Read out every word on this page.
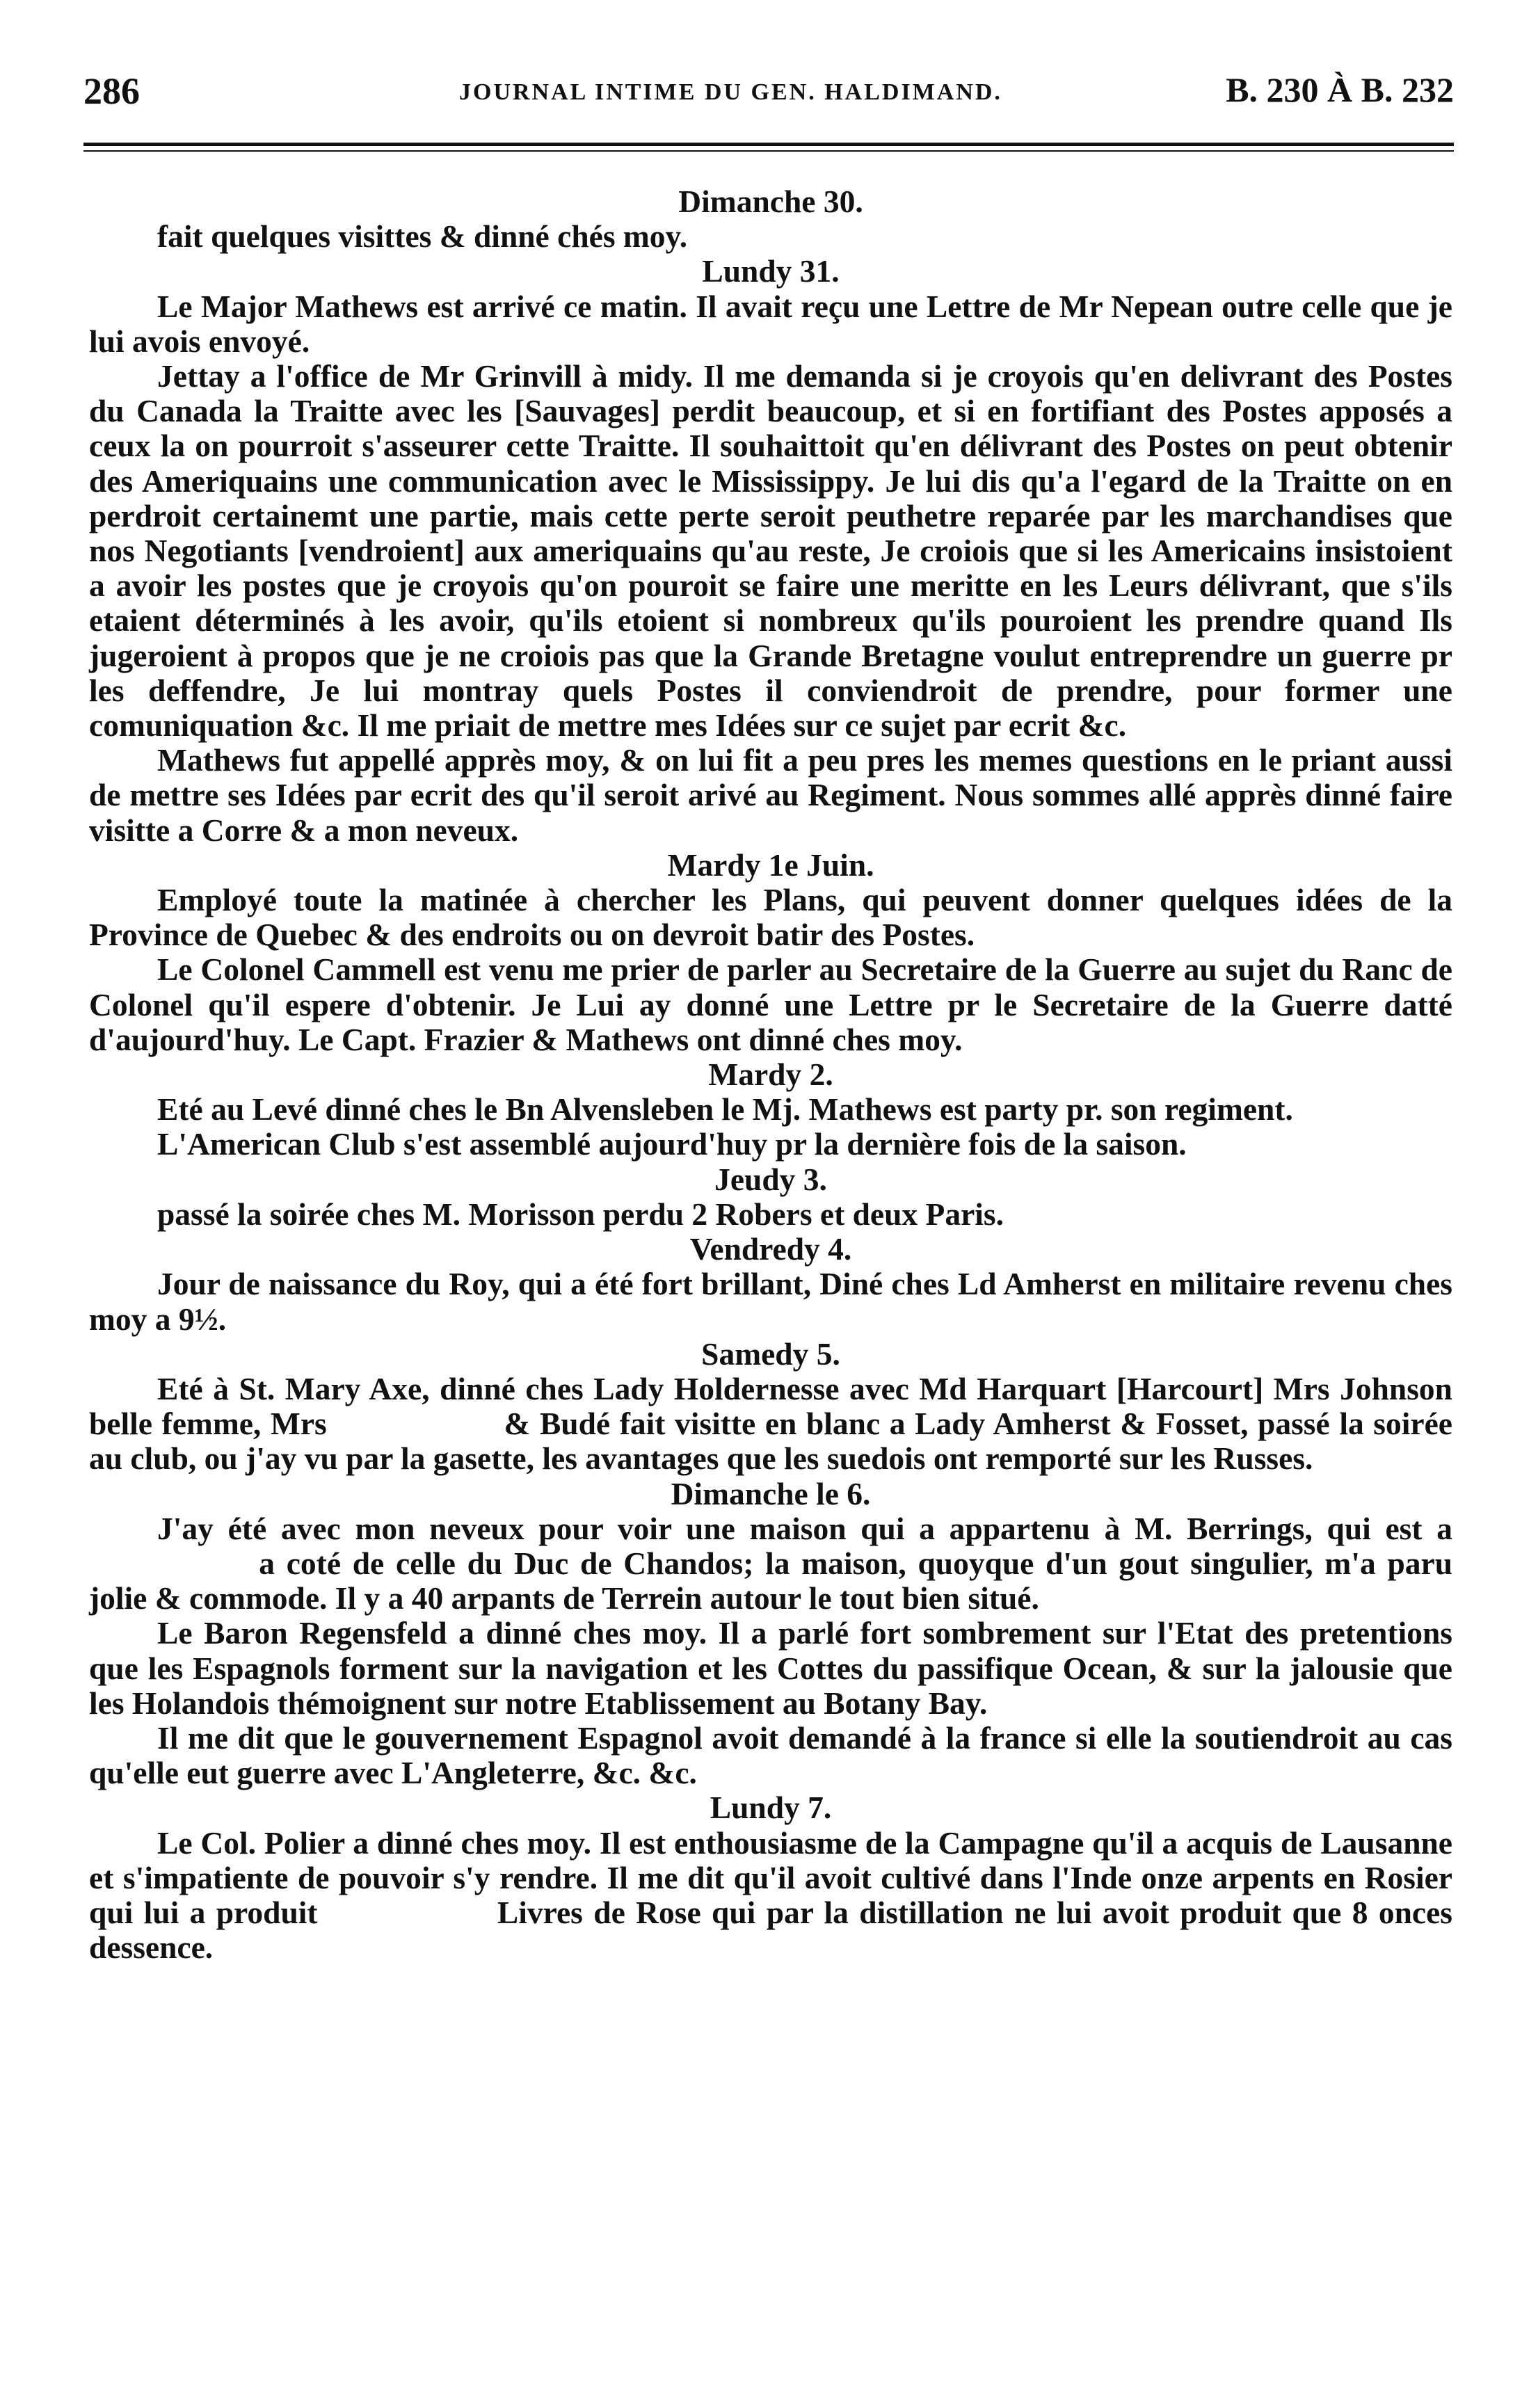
286	JOURNAL INTIME DU GEN. HALDIMAND.	B. 230 À B. 232

Dimanche 30.

fait quelques visittes & dinné chés moy.

Lundy 31.

Le Major Mathews est arrivé ce matin. Il avait reçu une Lettre de Mr Nepean outre celle que je lui avois envoyé.

Jettay a l'office de Mr Grinvill à midy. Il me demanda si je croyois qu'en delivrant des Postes du Canada la Traitte avec les [Sauvages] perdit beaucoup, et si en fortifiant des Postes apposés a ceux la on pourroit s'asseurer cette Traitte. Il souhaittoit qu'en délivrant des Postes on peut obtenir des Ameriquains une communication avec le Mississippy. Je lui dis qu'a l'egard de la Traitte on en perdroit certainemt une partie, mais cette perte seroit peuthetre reparée par les marchandises que nos Negotiants [vendroient] aux ameriquains qu'au reste, Je croiois que si les Americains insistoient a avoir les postes que je croyois qu'on pouroit se faire une meritte en les Leurs délivrant, que s'ils etaient déterminés à les avoir, qu'ils etoient si nombreux qu'ils pouroient les prendre quand Ils jugeroient à propos que je ne croiois pas que la Grande Bretagne voulut entreprendre un guerre pr les deffendre, Je lui montray quels Postes il conviendroit de prendre, pour former une comuniquation &c. Il me priait de mettre mes Idées sur ce sujet par ecrit &c.

Mathews fut appellé apprès moy, & on lui fit a peu pres les memes questions en le priant aussi de mettre ses Idées par ecrit des qu'il seroit arivé au Regiment. Nous sommes allé apprès dinné faire visitte a Corre & a mon neveux.

Mardy 1e Juin.

Employé toute la matinée à chercher les Plans, qui peuvent donner quelques idées de la Province de Quebec & des endroits ou on devroit batir des Postes.

Le Colonel Cammell est venu me prier de parler au Secretaire de la Guerre au sujet du Ranc de Colonel qu'il espere d'obtenir. Je Lui ay donné une Lettre pr le Secretaire de la Guerre datté d'aujourd'huy. Le Capt. Frazier & Mathews ont dinné ches moy.

Mardy 2.

Eté au Levé dinné ches le Bn Alvensleben le Mj. Mathews est party pr. son regiment.

L'American Club s'est assemblé aujourd'huy pr la dernière fois de la saison.

Jeudy 3.

passé la soirée ches M. Morisson perdu 2 Robers et deux Paris.

Vendredy 4.

Jour de naissance du Roy, qui a été fort brillant, Diné ches Ld Amherst en militaire revenu ches moy a 9½.

Samedy 5.

Eté à St. Mary Axe, dinné ches Lady Holdernesse avec Md Harquart [Harcourt] Mrs Johnson belle femme, Mrs       & Budé fait visitte en blanc a Lady Amherst & Fosset, passé la soirée au club, ou j'ay vu par la gasette, les avantages que les suedois ont remporté sur les Russes.

Dimanche le 6.

J'ay été avec mon neveux pour voir une maison qui a appartenu à M. Berrings, qui est a       a coté de celle du Duc de Chandos; la maison, quoyque d'un gout singulier, m'a paru jolie & commode. Il y a 40 arpants de Terrein autour le tout bien situé.

Le Baron Regensfeld a dinné ches moy. Il a parlé fort sombrement sur l'Etat des pretentions que les Espagnols forment sur la navigation et les Cottes du passifique Ocean, & sur la jalousie que les Holandois thémoignent sur notre Etablissement au Botany Bay.

Il me dit que le gouvernement Espagnol avoit demandé à la france si elle la soutiendroit au cas qu'elle eut guerre avec L'Angleterre, &c. &c.

Lundy 7.

Le Col. Polier a dinné ches moy. Il est enthousiasme de la Campagne qu'il a acquis de Lausanne et s'impatiente de pouvoir s'y rendre. Il me dit qu'il avoit cultivé dans l'Inde onze arpents en Rosier qui lui a produit       Livres de Rose qui par la distillation ne lui avoit produit que 8 onces dessence.
